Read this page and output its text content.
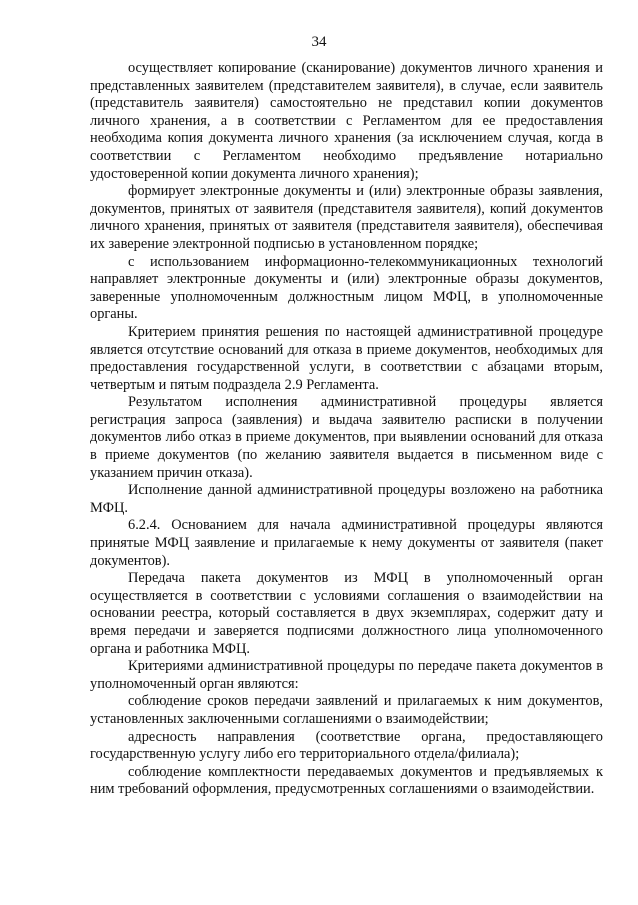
34

осуществляет копирование (сканирование) документов личного хранения и представленных заявителем (представителем заявителя), в случае, если заявитель (представитель заявителя) самостоятельно не представил копии документов личного хранения, а в соответствии с Регламентом для ее предоставления необходима копия документа личного хранения (за исключением случая, когда в соответствии с Регламентом необходимо предъявление нотариально удостоверенной копии документа личного хранения);

формирует электронные документы и (или) электронные образы заявления, документов, принятых от заявителя (представителя заявителя), копий документов личного хранения, принятых от заявителя (представителя заявителя), обеспечивая их заверение электронной подписью в установленном порядке;

с использованием информационно-телекоммуникационных технологий направляет электронные документы и (или) электронные образы документов, заверенные уполномоченным должностным лицом МФЦ, в уполномоченные органы.

Критерием принятия решения по настоящей административной процедуре является отсутствие оснований для отказа в приеме документов, необходимых для предоставления государственной услуги, в соответствии с абзацами вторым, четвертым и пятым подраздела 2.9 Регламента.

Результатом исполнения административной процедуры является регистрация запроса (заявления) и выдача заявителю расписки в получении документов либо отказ в приеме документов, при выявлении оснований для отказа в приеме документов (по желанию заявителя выдается в письменном виде с указанием причин отказа).

Исполнение данной административной процедуры возложено на работника МФЦ.

6.2.4. Основанием для начала административной процедуры являются принятые МФЦ заявление и прилагаемые к нему документы от заявителя (пакет документов).

Передача пакета документов из МФЦ в уполномоченный орган осуществляется в соответствии с условиями соглашения о взаимодействии на основании реестра, который составляется в двух экземплярах, содержит дату и время передачи и заверяется подписями должностного лица уполномоченного органа и работника МФЦ.

Критериями административной процедуры по передаче пакета документов в уполномоченный орган являются:

соблюдение сроков передачи заявлений и прилагаемых к ним документов, установленных заключенными соглашениями о взаимодействии;

адресность направления (соответствие органа, предоставляющего государственную услугу либо его территориального отдела/филиала);

соблюдение комплектности передаваемых документов и предъявляемых к ним требований оформления, предусмотренных соглашениями о взаимодействии.
